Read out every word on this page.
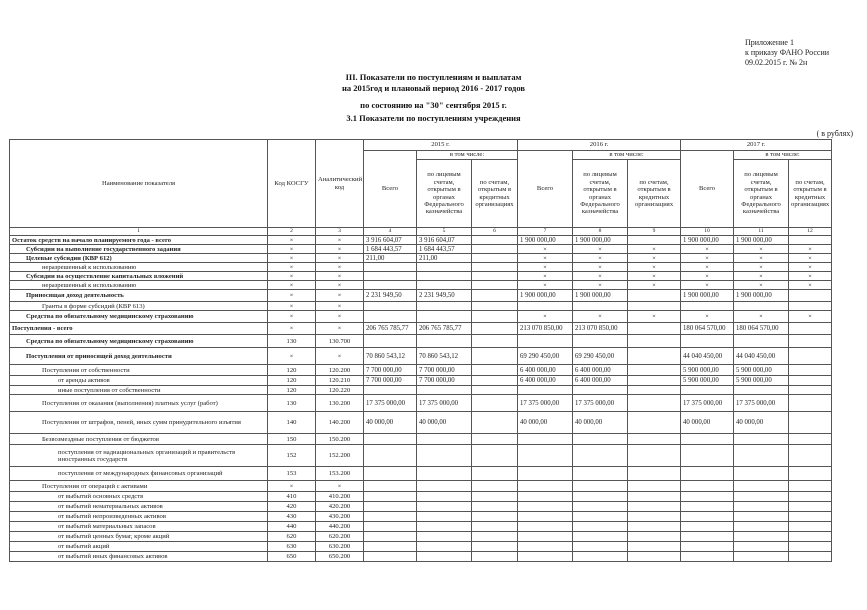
Приложение 1
к приказу ФАНО России
09.02.2015 г. № 2н
III. Показатели по поступлениям и выплатам
на 2015год и плановый период 2016 - 2017 годов
по состоянию на "30" сентября 2015 г.
3.1 Показатели по поступлениям учреждения
( в рублях)
Наименование показателя	Код КОСГУ	Аналитический код	2015 г.			2016 г.			2017 г.		
			Всего	в том числе:		Всего	в том числе:		Всего	в том числе:	
				по лицевым счетам, открытым в органах Федерального казначейства	по счетам, открытым в кредитных организациях		по лицевым счетам, открытым в органах Федерального казначейства	по счетам, открытым в кредитных организациях		по лицевым счетам, открытым в органах Федерального казначейства	по счетам, открытым в кредитных организациях
1	2	3	4	5	6	7	8	9	10	11	12
Остаток средств на начало планируемого года - всего	×	×	3 916 604,07	3 916 604,07		1 900 000,00	1 900 000,00		1 900 000,00	1 900 000,00	
Субсидии на выполнение государственного задания	×	×	1 684 443,57	1 684 443,57		×	×	×	×	×	×
Целевые субсидии (КВР 612)	×	×	211,00	211,00		×	×	×	×	×	×
неразрешенный к использованию	×	×				×	×	×	×	×	×
Субсидии на осуществление капитальных вложений	×	×				×	×	×	×	×	×
неразрешенный к использованию	×	×				×	×	×	×	×	×
Приносящая доход деятельность	×	×	2 231 949,50	2 231 949,50		1 900 000,00	1 900 000,00		1 900 000,00	1 900 000,00	
Гранты в форме субсидий (КВР 613)	×	×									
Средства по обязательному медицинскому страхованию	×	×				×	×	×	×	×	×
Поступления - всего	×	×	206 765 785,77	206 765 785,77		213 070 850,00	213 070 850,00		180 064 570,00	180 064 570,00	
Средства по обязательному медицинскому страхованию	130	130.700									
Поступления от приносящей доход деятельности	×	×	70 860 543,12	70 860 543,12		69 290 450,00	69 290 450,00		44 040 450,00	44 040 450,00	
Поступления от собственности	120	120.200	7 700 000,00	7 700 000,00		6 400 000,00	6 400 000,00		5 900 000,00	5 900 000,00	
от аренды активов	120	120.210	7 700 000,00	7 700 000,00		6 400 000,00	6 400 000,00		5 900 000,00	5 900 000,00	
иные поступления от собственности	120	120.220									
Поступления от оказания (выполнения) платных услуг (работ)	130	130.200	17 375 000,00	17 375 000,00		17 375 000,00	17 375 000,00		17 375 000,00	17 375 000,00	
Поступления от штрафов, пеней, иных сумм принудительного изъятия	140	140.200	40 000,00	40 000,00		40 000,00	40 000,00		40 000,00	40 000,00	
Безвозмездные поступления от бюджетов	150	150.200									
поступления от наднациональных организаций и правительств иностранных государств	152	152.200									
поступления от международных финансовых организаций	153	153.200									
Поступления от операций с активами	×	×									
от выбытий основных средств	410	410.200									
от выбытий нематериальных активов	420	420.200									
от выбытий непроизведенных активов	430	430.200									
от выбытий материальных запасов	440	440.200									
от выбытий ценных бумаг, кроме акций	620	620.200									
от выбытий акций	630	630.200									
от выбытий иных финансовых активов	650	650.200									
